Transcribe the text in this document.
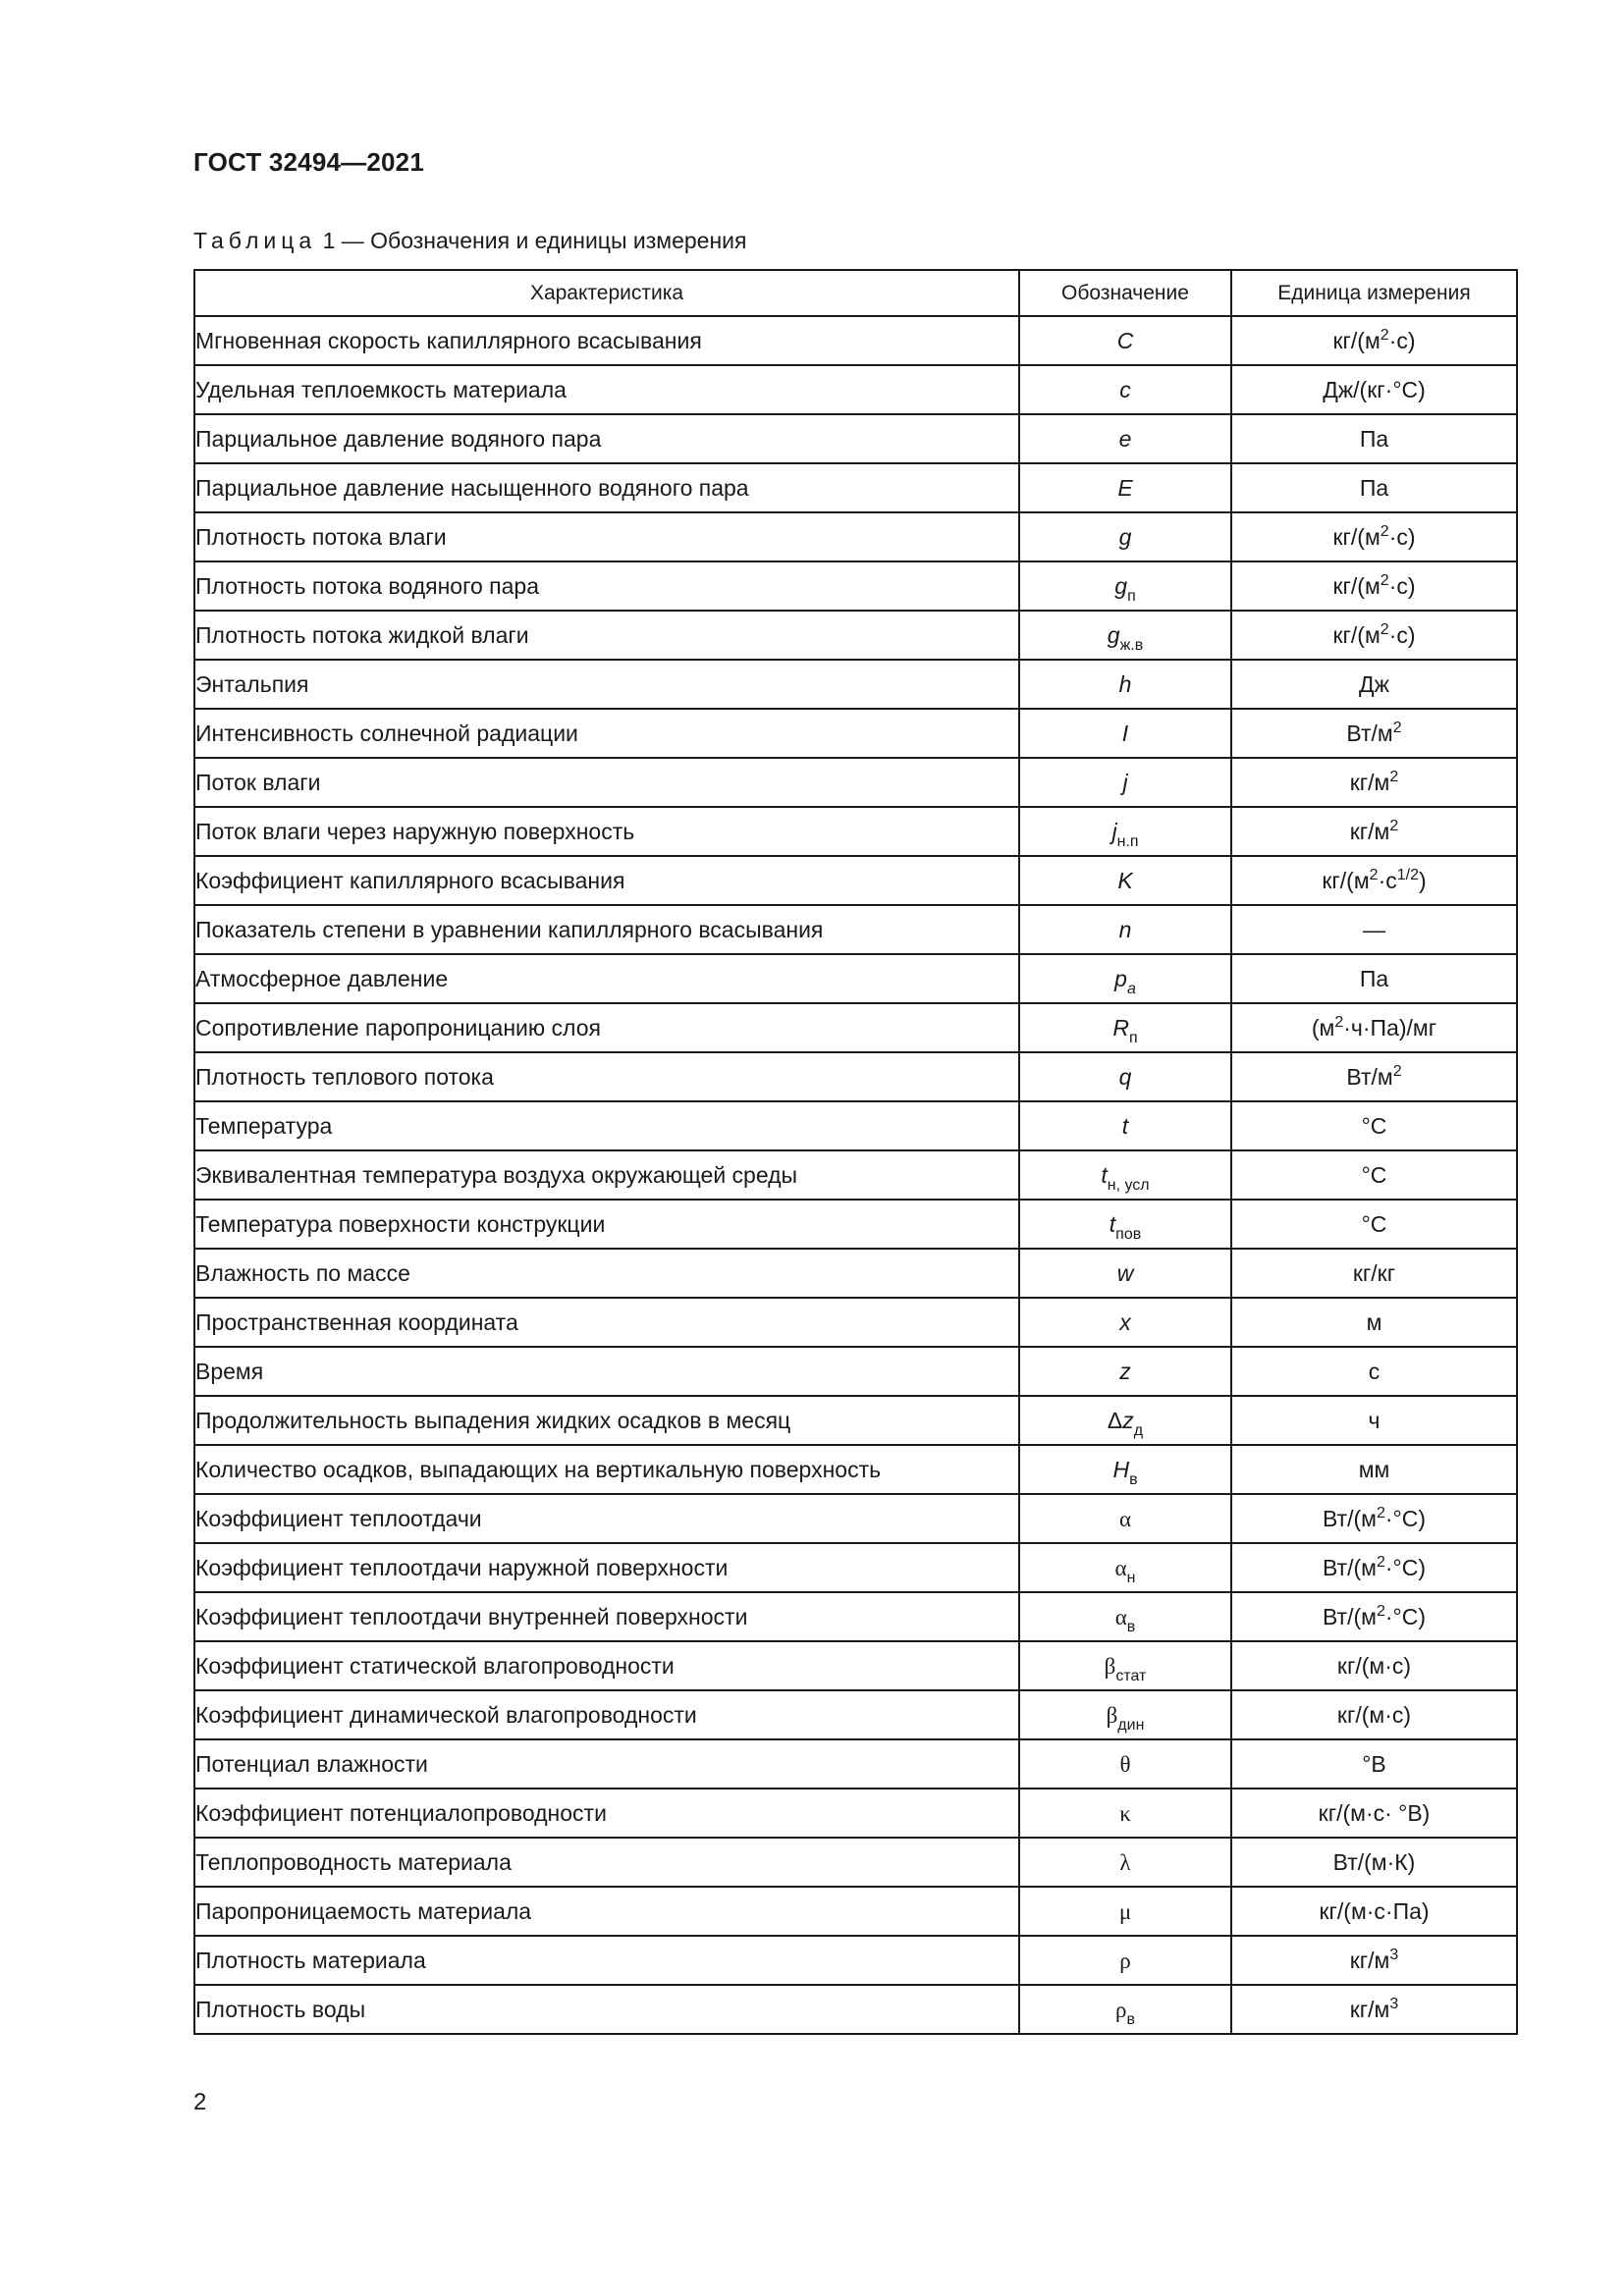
ГОСТ 32494—2021
Таблица 1 — Обозначения и единицы измерения
Характеристика	Обозначение	Единица измерения
Мгновенная скорость капиллярного всасывания	C	$кг/(м^2\cdot с)$
Удельная теплоемкость материала	c	Дж/(кг·°C)
Парциальное давление водяного пара	e	Па
Парциальное давление насыщенного водяного пара	E	Па
Плотность потока влаги	g	$кг/(м^2\cdot с)$
Плотность потока водяного пара	$g_п$	$кг/(м^2\cdot с)$
Плотность потока жидкой влаги	$g_{ж.в}$	$кг/(м^2\cdot с)$
Энтальпия	h	Дж
Интенсивность солнечной радиации	I	$Вт/м^2$
Поток влаги	j	$кг/м^2$
Поток влаги через наружную поверхность	$j_{н.п}$	$кг/м^2$
Коэффициент капиллярного всасывания	K	$кг/(м^2\cdot с^{1/2})$
Показатель степени в уравнении капиллярного всасывания	n	—
Атмосферное давление	$p_a$	Па
Сопротивление паропроницанию слоя	$R_п$	$(м^2\cdot ч\cdot Па)/мг$
Плотность теплового потока	q	$Вт/м^2$
Температура	t	°C
Эквивалентная температура воздуха окружающей среды	$t_{н, усл}$	°C
Температура поверхности конструкции	$t_{пов}$	°C
Влажность по массе	w	кг/кг
Пространственная координата	x	м
Время	z	с
Продолжительность выпадения жидких осадков в месяц	$\Delta z_д$	ч
Количество осадков, выпадающих на вертикальную поверхность	$H_в$	мм
Коэффициент теплоотдачи	α	$Вт/(м^2\cdot^\circ C)$
Коэффициент теплоотдачи наружной поверхности	$\alpha_н$	$Вт/(м^2\cdot^\circ C)$
Коэффициент теплоотдачи внутренней поверхности	$\alpha_в$	$Вт/(м^2\cdot^\circ C)$
Коэффициент статической влагопроводности	$\beta_{стат}$	кг/(м·с)
Коэффициент динамической влагопроводности	$\beta_{дин}$	кг/(м·с)
Потенциал влажности	θ	°В
Коэффициент потенциалопроводности	κ	кг/(м·с· °В)
Теплопроводность материала	λ	Вт/(м·К)
Паропроницаемость материала	μ	кг/(м·с·Па)
Плотность материала	ρ	$кг/м^3$
Плотность воды	$\rho_в$	$кг/м^3$
2
